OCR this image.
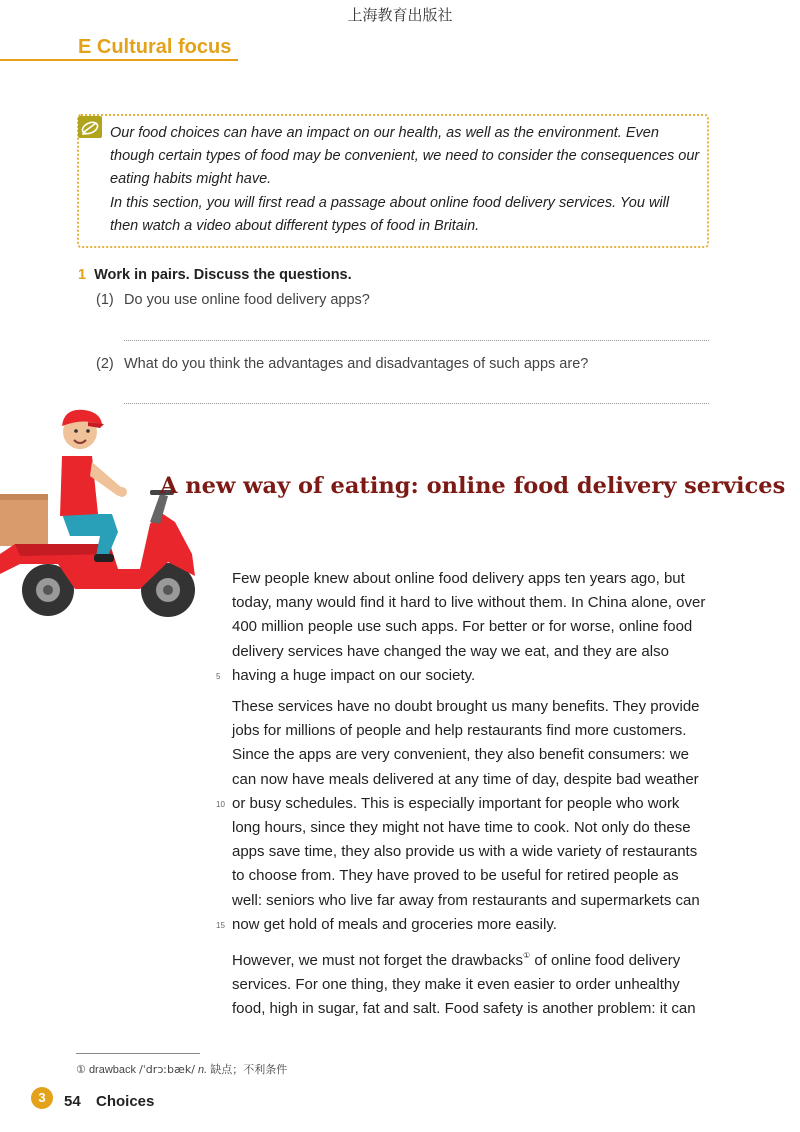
上海教育出版社
E Cultural focus
Our food choices can have an impact on our health, as well as the environment. Even though certain types of food may be convenient, we need to consider the consequences our eating habits might have.
In this section, you will first read a passage about online food delivery services. You will then watch a video about different types of food in Britain.
1 Work in pairs. Discuss the questions.
(1) Do you use online food delivery apps?
(2) What do you think the advantages and disadvantages of such apps are?
A new way of eating: online food delivery services
Few people knew about online food delivery apps ten years ago, but today, many would find it hard to live without them. In China alone, over 400 million people use such apps. For better or for worse, online food delivery services have changed the way we eat, and they are also having a huge impact on our society.
These services have no doubt brought us many benefits. They provide jobs for millions of people and help restaurants find more customers. Since the apps are very convenient, they also benefit consumers: we can now have meals delivered at any time of day, despite bad weather or busy schedules. This is especially important for people who work long hours, since they might not have time to cook. Not only do these apps save time, they also provide us with a wide variety of restaurants to choose from. They have proved to be useful for retired people as well: seniors who live far away from restaurants and supermarkets can now get hold of meals and groceries more easily.
However, we must not forget the drawbacks① of online food delivery services. For one thing, they make it even easier to order unhealthy food, high in sugar, fat and salt. Food safety is another problem: it can
5
10
15
① drawback /ˈdrɔːbæk/ n. 缺点；不利条件
3	54 Choices
